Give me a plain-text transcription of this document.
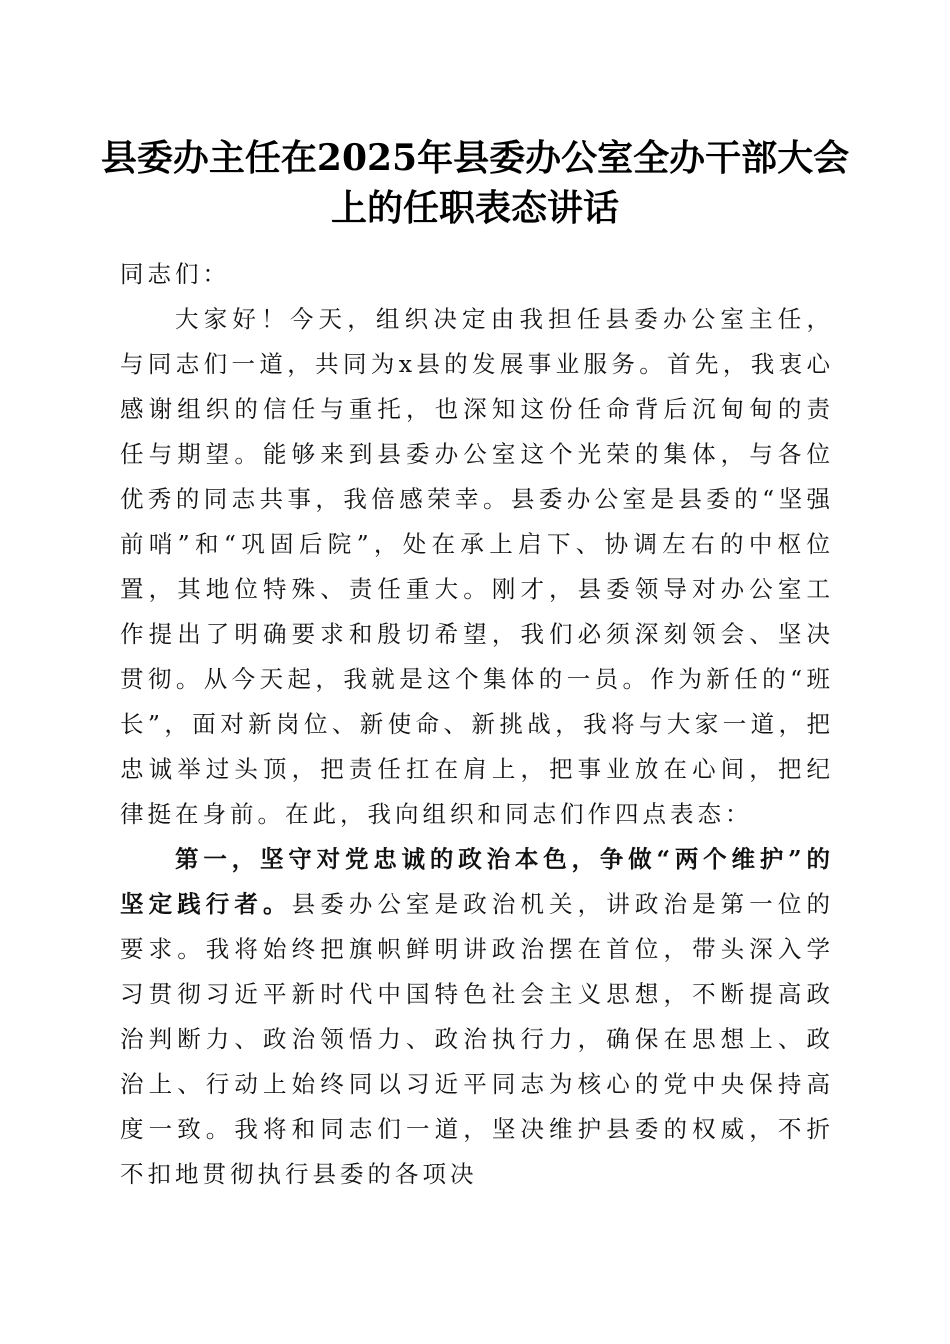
县委办主任在2025年县委办公室全办干部大会上的任职表态讲话

同志们：

大家好！今天，组织决定由我担任县委办公室主任，与同志们一道，共同为x县的发展事业服务。首先，我衷心感谢组织的信任与重托，也深知这份任命背后沉甸甸的责任与期望。能够来到县委办公室这个光荣的集体，与各位优秀的同志共事，我倍感荣幸。县委办公室是县委的“坚强前哨”和“巩固后院”，处在承上启下、协调左右的中枢位置，其地位特殊、责任重大。刚才，县委领导对办公室工作提出了明确要求和殷切希望，我们必须深刻领会、坚决贯彻。从今天起，我就是这个集体的一员。作为新任的“班长”，面对新岗位、新使命、新挑战，我将与大家一道，把忠诚举过头顶，把责任扛在肩上，把事业放在心间，把纪律挺在身前。在此，我向组织和同志们作四点表态：

第一，坚守对党忠诚的政治本色，争做“两个维护”的坚定践行者。县委办公室是政治机关，讲政治是第一位的要求。我将始终把旗帜鲜明讲政治摆在首位，带头深入学习贯彻习近平新时代中国特色社会主义思想，不断提高政治判断力、政治领悟力、政治执行力，确保在思想上、政治上、行动上始终同以习近平同志为核心的党中央保持高度一致。我将和同志们一道，坚决维护县委的权威，不折不扣地贯彻执行县委的各项决
